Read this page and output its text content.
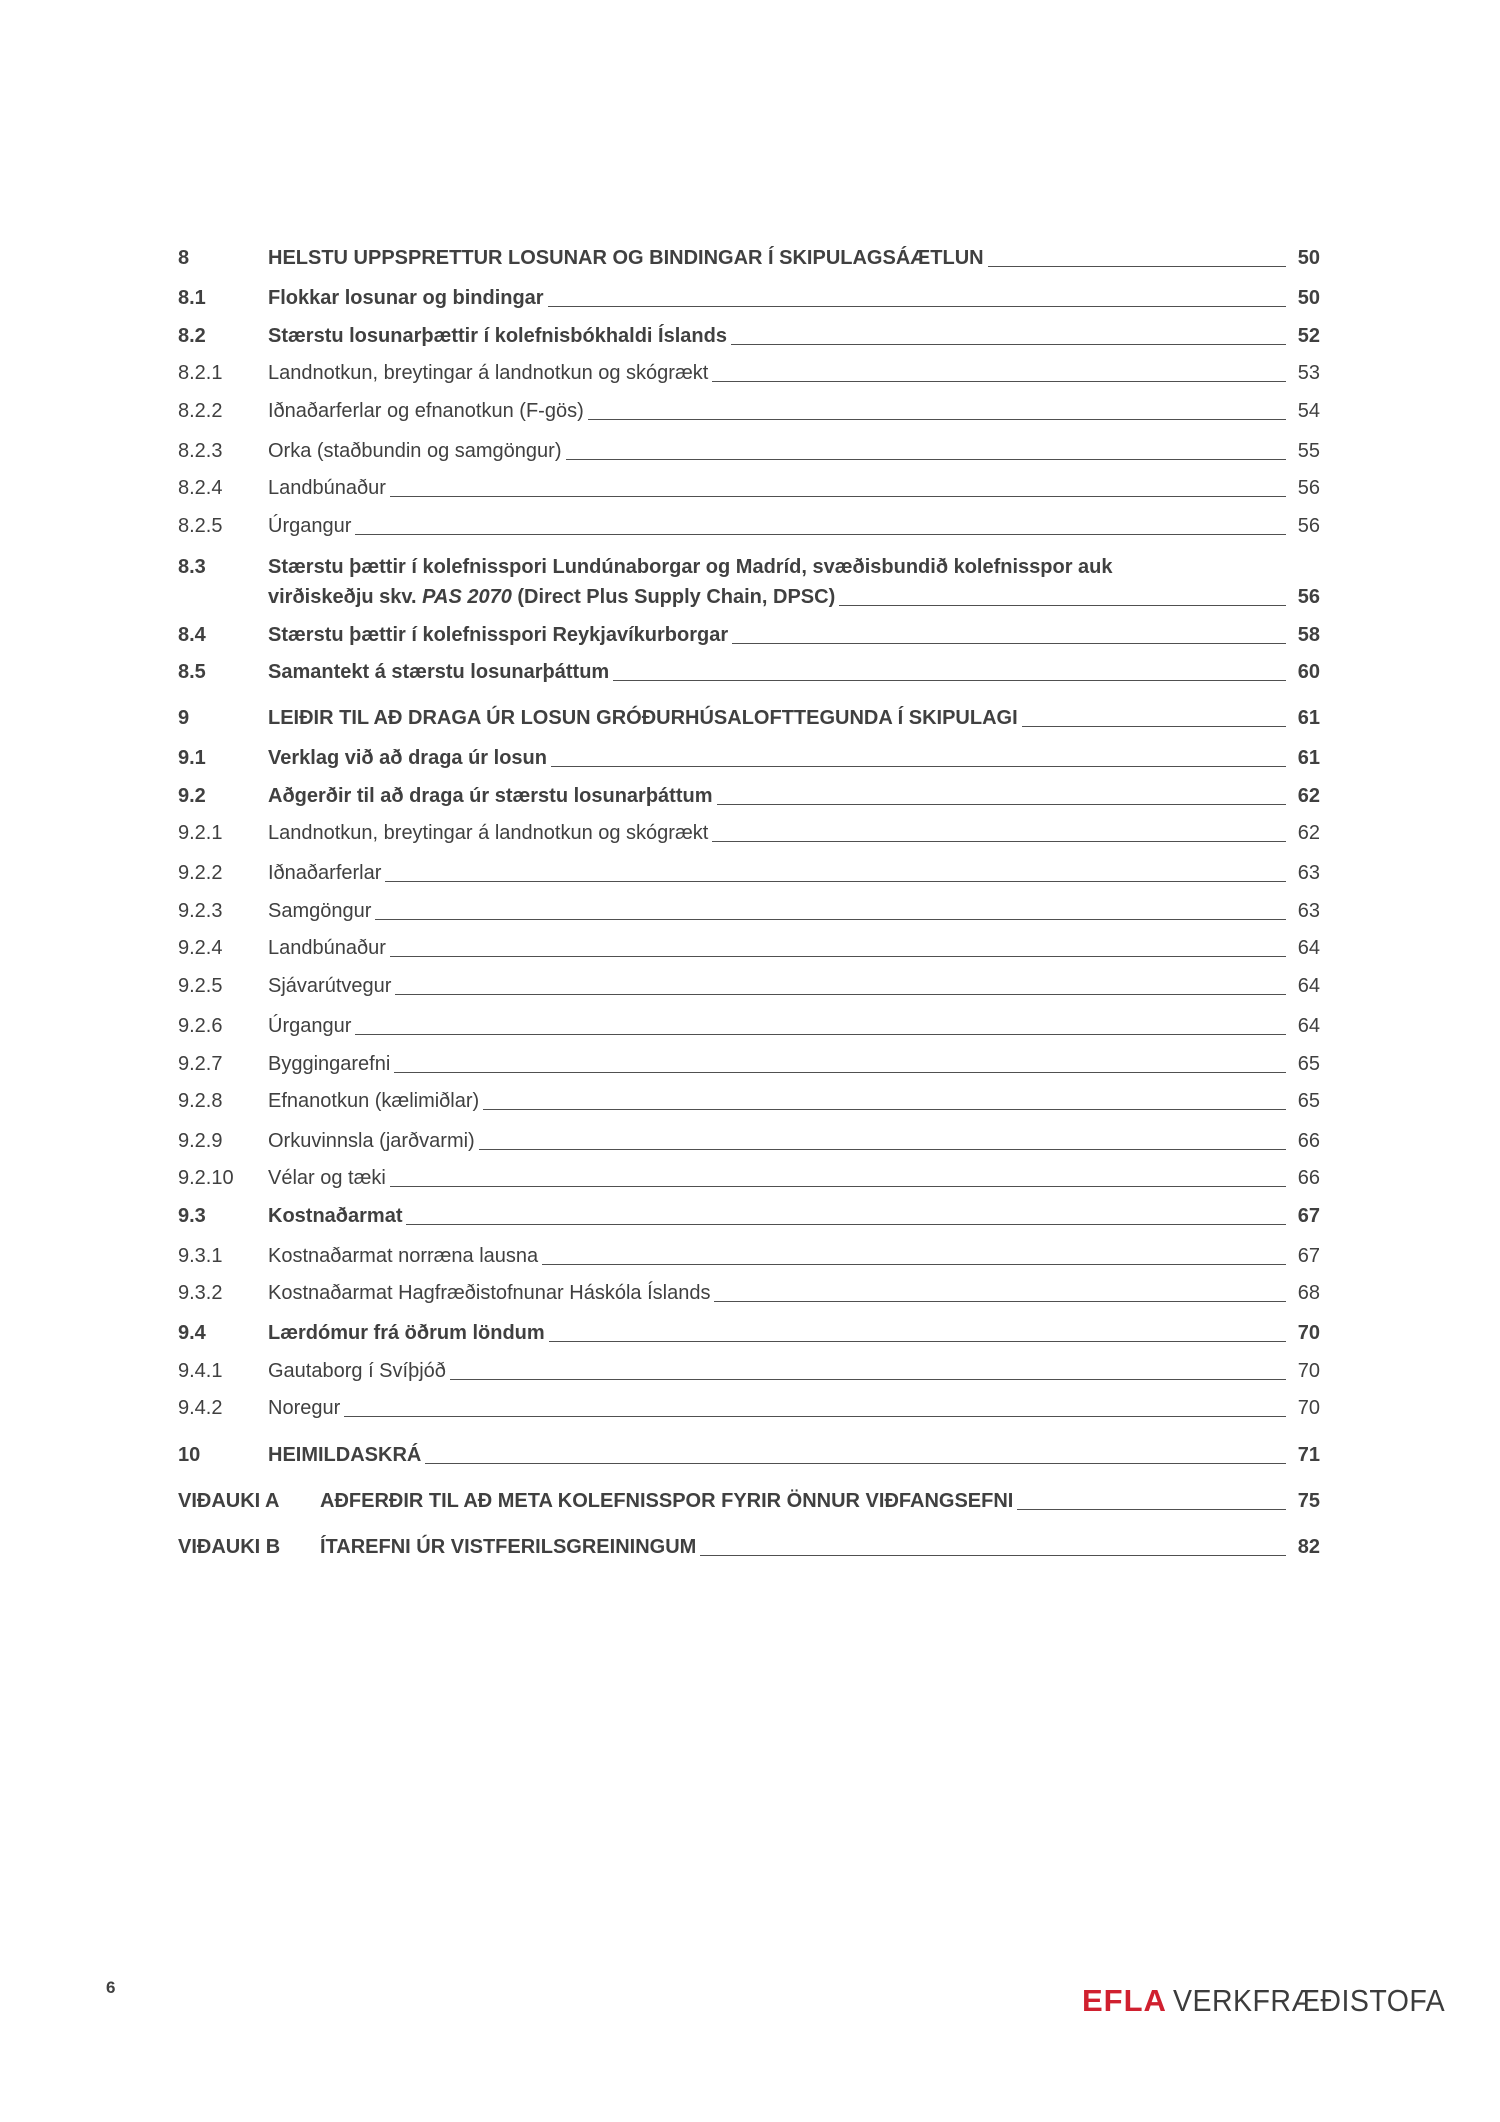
8	HELSTU UPPSPRETTUR LOSUNAR OG BINDINGAR Í SKIPULAGSÁÆTLUN	50
8.1	Flokkar losunar og bindingar	50
8.2	Stærstu losunarþættir í kolefnisbókhaldi Íslands	52
8.2.1	Landnotkun, breytingar á landnotkun og skógrækt	53
8.2.2	Iðnaðarferlar og efnanotkun (F-gös)	54
8.2.3	Orka (staðbundin og samgöngur)	55
8.2.4	Landbúnaður	56
8.2.5	Úrgangur	56
8.3	Stærstu þættir í kolefnisspori Lundúnaborgar og Madríd, svæðisbundið kolefnisspor auk
virðiskeðju skv. PAS 2070 (Direct Plus Supply Chain, DPSC)	56
8.4	Stærstu þættir í kolefnisspori Reykjavíkurborgar	58
8.5	Samantekt á stærstu losunarþáttum	60
9	LEIÐIR TIL AÐ DRAGA ÚR LOSUN GRÓÐURHÚSALOFTTEGUNDA Í SKIPULAGI	61
9.1	Verklag við að draga úr losun	61
9.2	Aðgerðir til að draga úr stærstu losunarþáttum	62
9.2.1	Landnotkun, breytingar á landnotkun og skógrækt	62
9.2.2	Iðnaðarferlar	63
9.2.3	Samgöngur	63
9.2.4	Landbúnaður	64
9.2.5	Sjávarútvegur	64
9.2.6	Úrgangur	64
9.2.7	Byggingarefni	65
9.2.8	Efnanotkun (kælimiðlar)	65
9.2.9	Orkuvinnsla (jarðvarmi)	66
9.2.10	Vélar og tæki	66
9.3	Kostnaðarmat	67
9.3.1	Kostnaðarmat norræna lausna	67
9.3.2	Kostnaðarmat Hagfræðistofnunar Háskóla Íslands	68
9.4	Lærdómur frá öðrum löndum	70
9.4.1	Gautaborg í Svíþjóð	70
9.4.2	Noregur	70
10	HEIMILDASKRÁ	71
VIÐAUKI A	AÐFERÐIR TIL AÐ META KOLEFNISSPOR FYRIR ÖNNUR VIÐFANGSEFNI	75
VIÐAUKI B	ÍTAREFNI ÚR VISTFERILSGREININGUM	82
6	EFLA VERKFRÆÐISTOFA
